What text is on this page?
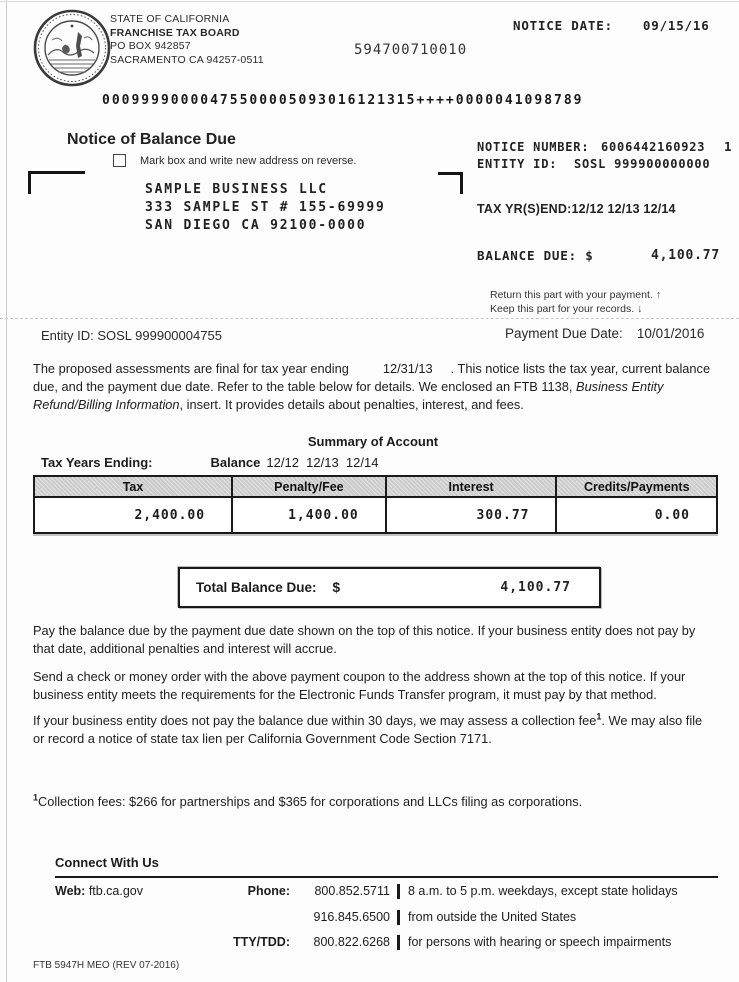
STATE OF CALIFORNIA
FRANCHISE TAX BOARD
PO BOX 942857
SACRAMENTO CA 94257-0511
594700710010
NOTICE DATE: 09/15/16
00099990000475500005093016121315++++0000041098789
Notice of Balance Due
Mark box and write new address on reverse.
SAMPLE BUSINESS LLC
333 SAMPLE ST # 155-69999
SAN DIEGO CA 92100-0000
NOTICE NUMBER: 6006442160923 1
ENTITY ID: SOSL 999900000000
TAX YR(S)END:12/12 12/13 12/14
BALANCE DUE: $	4,100.77
Return this part with your payment. ↑
Keep this part for your records. ↓
Entity ID: SOSL 999900004755	Payment Due Date: 10/01/2016
The proposed assessments are final for tax year ending	12/31/13 . This notice lists the tax year, current balance due, and the payment due date. Refer to the table below for details. We enclosed an FTB 1138, Business Entity Refund/Billing Information, insert. It provides details about penalties, interest, and fees.
Summary of Account
Tax Years Ending:	Balance 12/12  12/13  12/14
Tax	Penalty/Fee	Interest	Credits/Payments
2,400.00	1,400.00	300.77	0.00
Total Balance Due: $	4,100.77
Pay the balance due by the payment due date shown on the top of this notice. If your business entity does not pay by that date, additional penalties and interest will accrue.
Send a check or money order with the above payment coupon to the address shown at the top of this notice. If your business entity meets the requirements for the Electronic Funds Transfer program, it must pay by that method.
If your business entity does not pay the balance due within 30 days, we may assess a collection fee$^1$. We may also file or record a notice of state tax lien per California Government Code Section 7171.
$^1$Collection fees: $266 for partnerships and $365 for corporations and LLCs filing as corporations.
Connect With Us
Web: ftb.ca.gov	Phone:	800.852.5711 8 a.m. to 5 p.m. weekdays, except state holidays
916.845.6500 from outside the United States
TTY/TDD:	800.822.6268 for persons with hearing or speech impairments
FTB 5947H MEO (REV 07-2016)
